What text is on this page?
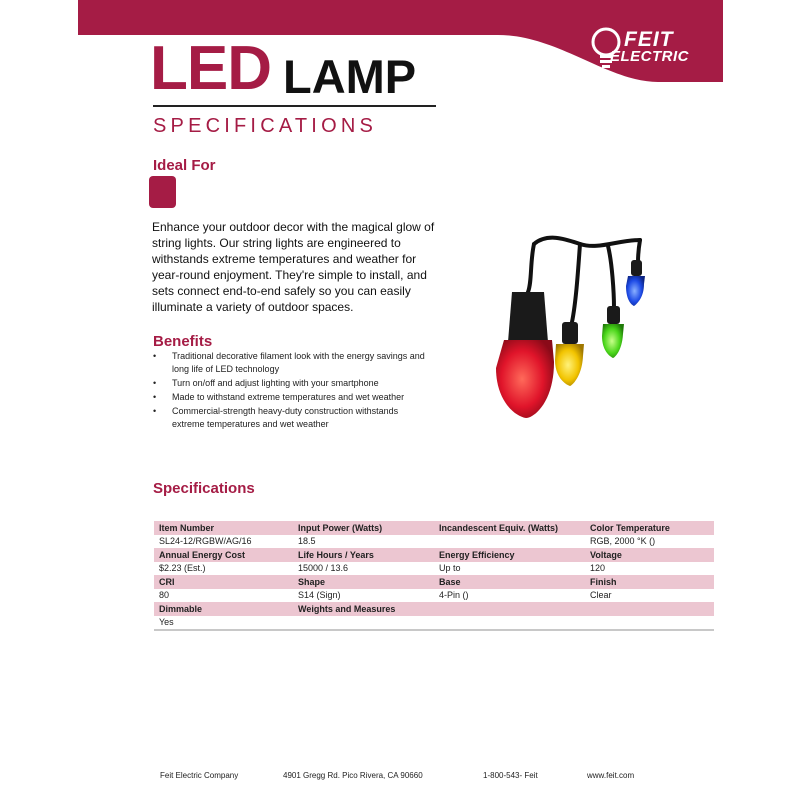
FEIT
ELECTRIC
LED LAMP
SPECIFICATIONS
Ideal For

Enhance your outdoor decor with the magical glow of string lights. Our string lights are engineered to withstands extreme temperatures and weather for year-round enjoyment. They're simple to install, and sets connect end-to-end safely so you can easily illuminate a variety of outdoor spaces.

Benefits
• Traditional decorative filament look with the energy savings and long life of LED technology
• Turn on/off and adjust lighting with your smartphone
• Made to withstand extreme temperatures and wet weather
• Commercial-strength heavy-duty construction withstands extreme temperatures and wet weather
Specifications
Item Number	Input Power (Watts)	Incandescent Equiv. (Watts)	Color Temperature
SL24-12/RGBW/AG/16	18.5		RGB, 2000 °K ()
Annual Energy Cost	Life Hours / Years	Energy Efficiency	Voltage
$2.23 (Est.)	15000 / 13.6	Up to	120
CRI	Shape	Base	Finish
80	S14 (Sign)	4-Pin ()	Clear
Dimmable	Weights and Measures		
Yes			
Feit Electric Company	4901 Gregg Rd. Pico Rivera, CA 90660	1-800-543- Feit	www.feit.com
